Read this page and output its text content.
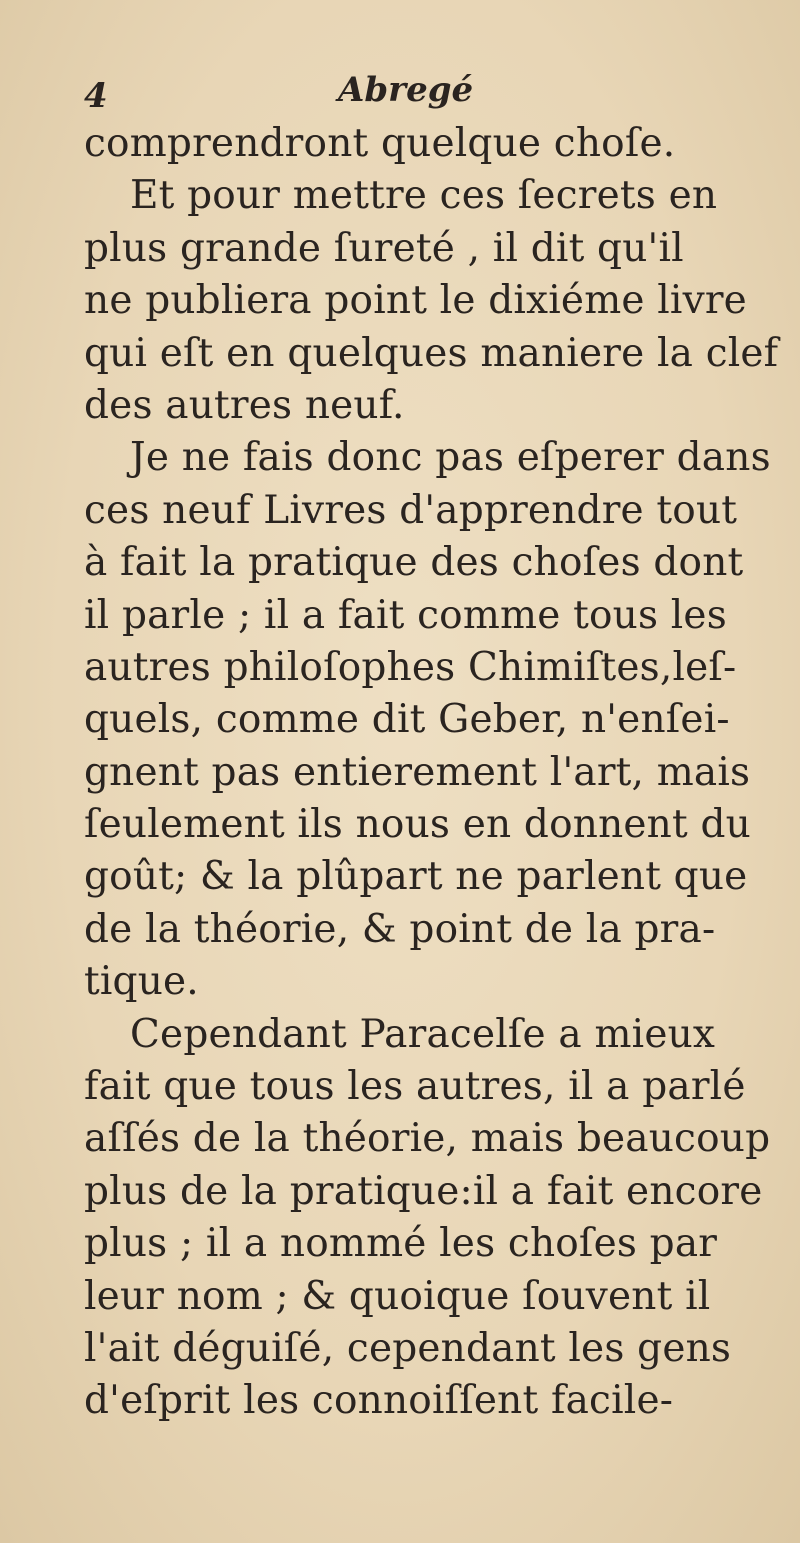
4	Abregé
comprendront quelque choſe.
Et pour mettre ces ſecrets en
plus grande ſureté , il dit qu'il
ne publiera point le dixiéme livre
qui eſt en quelques maniere la clef
des autres neuf.
Je ne fais donc pas eſperer dans
ces neuf Livres d'apprendre tout
à fait la pratique des choſes dont
il parle ; il a fait comme tous les
autres philoſophes Chimiſtes,leſ-
quels, comme dit Geber, n'enſei-
gnent pas entierement l'art, mais
ſeulement ils nous en donnent du
goût; & la plûpart ne parlent que
de la théorie, & point de la pra-
tique.
Cependant Paracelſe a mieux
fait que tous les autres, il a parlé
aſſés de la théorie, mais beaucoup
plus de la pratique:il a fait encore
plus ; il a nommé les choſes par
leur nom ; & quoique ſouvent il
l'ait déguiſé, cependant les gens
d'eſprit les connoiſſent facile-
